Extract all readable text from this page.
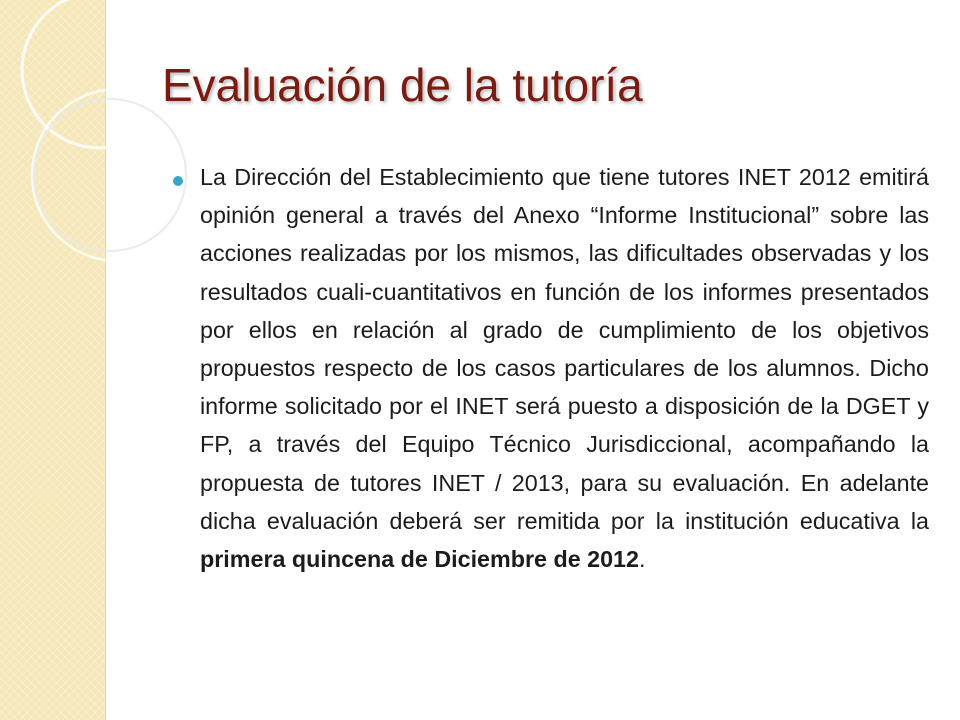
Evaluación de la tutoría

La Dirección del Establecimiento que tiene tutores INET 2012 emitirá opinión general a través del Anexo “Informe Institucional” sobre las acciones realizadas por los mismos, las dificultades observadas y los resultados cuali-cuantitativos en función de los informes presentados por ellos en relación al grado de cumplimiento de los objetivos propuestos respecto de los casos particulares de los alumnos. Dicho informe solicitado por el INET será puesto a disposición de la DGET y FP, a través del Equipo Técnico Jurisdiccional, acompañando la propuesta de tutores INET / 2013, para su evaluación. En adelante dicha evaluación deberá ser remitida por la institución educativa la primera quincena de Diciembre de 2012.
